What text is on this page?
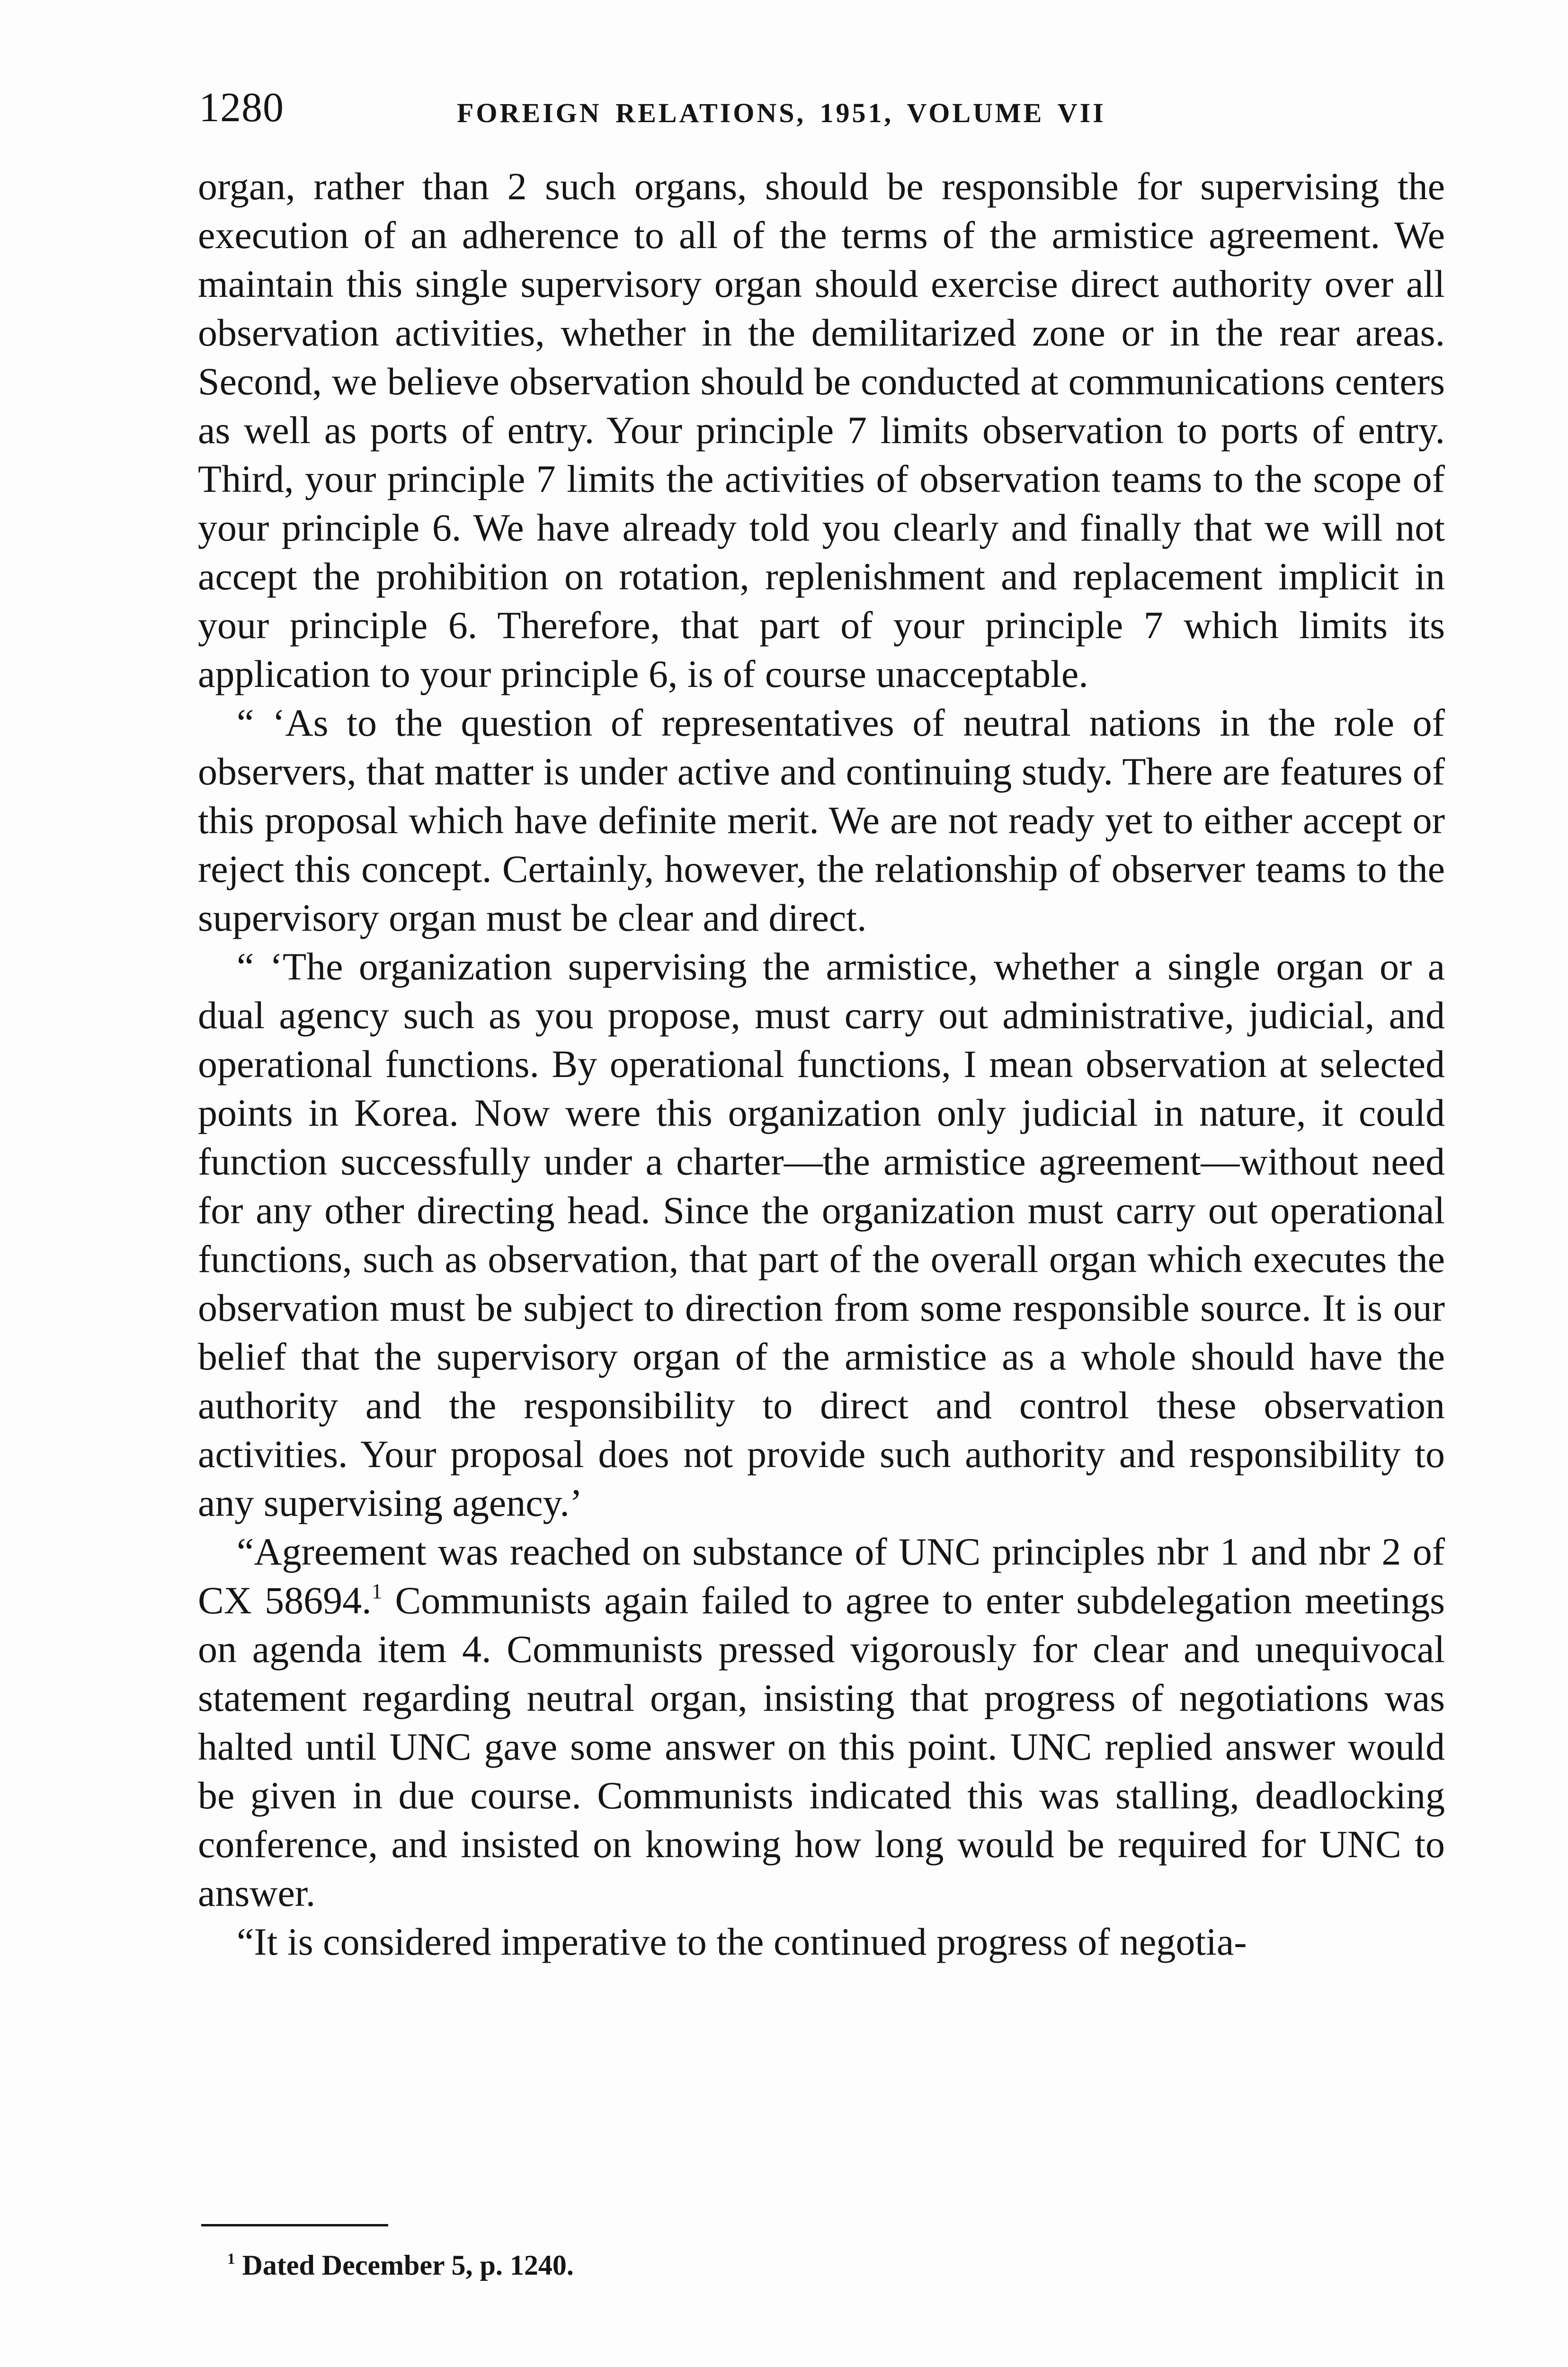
1280	FOREIGN RELATIONS, 1951, VOLUME VII

organ, rather than 2 such organs, should be responsible for supervising the execution of an adherence to all of the terms of the armistice agreement. We maintain this single supervisory organ should exercise direct authority over all observation activities, whether in the demilitarized zone or in the rear areas. Second, we believe observation should be conducted at communications centers as well as ports of entry. Your principle 7 limits observation to ports of entry. Third, your principle 7 limits the activities of observation teams to the scope of your principle 6. We have already told you clearly and finally that we will not accept the prohibition on rotation, replenishment and replacement implicit in your principle 6. Therefore, that part of your principle 7 which limits its application to your principle 6, is of course unacceptable.

“ ‘As to the question of representatives of neutral nations in the role of observers, that matter is under active and continuing study. There are features of this proposal which have definite merit. We are not ready yet to either accept or reject this concept. Certainly, however, the relationship of observer teams to the supervisory organ must be clear and direct.

“ ‘The organization supervising the armistice, whether a single organ or a dual agency such as you propose, must carry out administrative, judicial, and operational functions. By operational functions, I mean observation at selected points in Korea. Now were this organization only judicial in nature, it could function successfully under a charter—the armistice agreement—without need for any other directing head. Since the organization must carry out operational functions, such as observation, that part of the overall organ which executes the observation must be subject to direction from some responsible source. It is our belief that the supervisory organ of the armistice as a whole should have the authority and the responsibility to direct and control these observation activities. Your proposal does not provide such authority and responsibility to any supervising agency.’

“Agreement was reached on substance of UNC principles nbr 1 and nbr 2 of CX 58694.$^1$ Communists again failed to agree to enter subdelegation meetings on agenda item 4. Communists pressed vigorously for clear and unequivocal statement regarding neutral organ, insisting that progress of negotiations was halted until UNC gave some answer on this point. UNC replied answer would be given in due course. Communists indicated this was stalling, deadlocking conference, and insisted on knowing how long would be required for UNC to answer.

“It is considered imperative to the continued progress of negotia-

$^1$ Dated December 5, p. 1240.
